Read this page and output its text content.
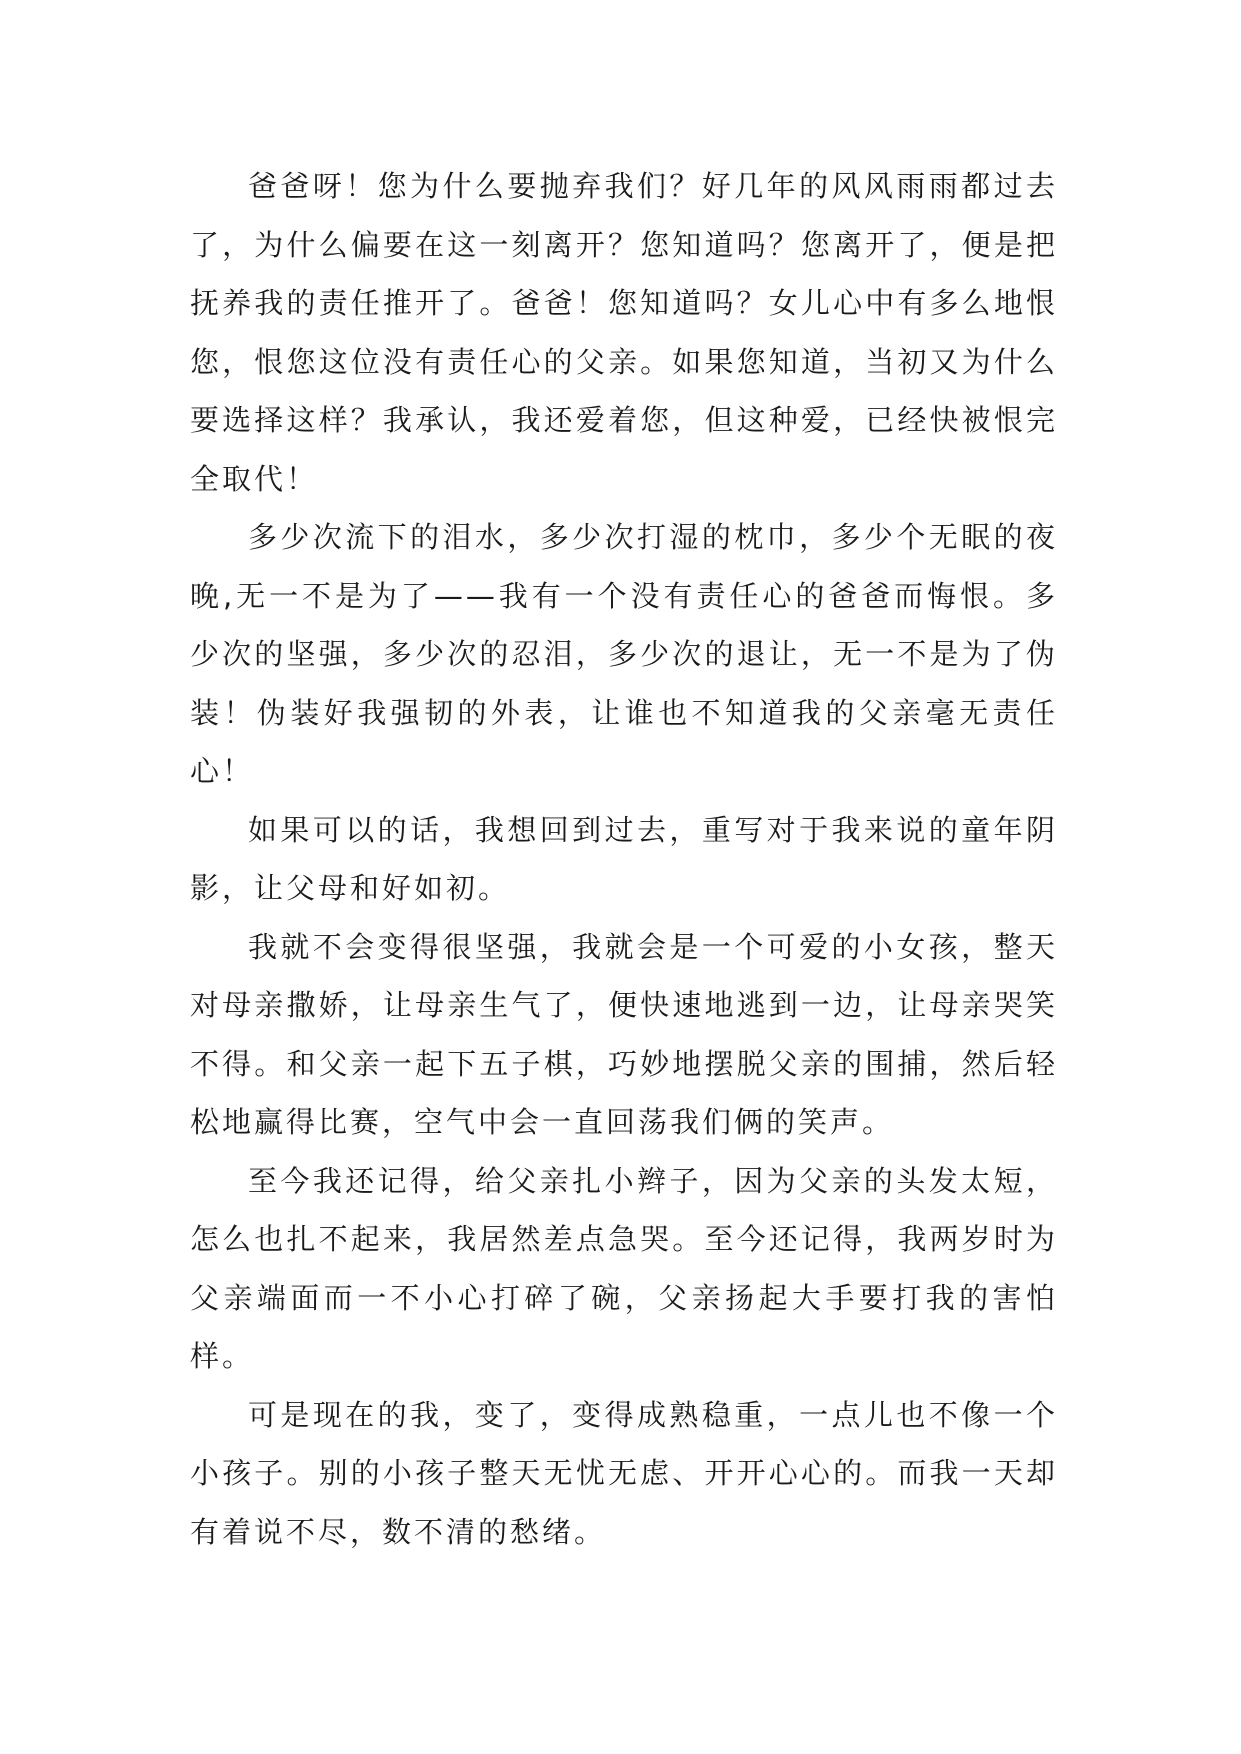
爸爸呀！您为什么要抛弃我们？好几年的风风雨雨都过去了，为什么偏要在这一刻离开？您知道吗？您离开了，便是把抚养我的责任推开了。爸爸！您知道吗？女儿心中有多么地恨您，恨您这位没有责任心的父亲。如果您知道，当初又为什么要选择这样？我承认，我还爱着您，但这种爱，已经快被恨完全取代！

多少次流下的泪水，多少次打湿的枕巾，多少个无眠的夜晚,无一不是为了——我有一个没有责任心的爸爸而悔恨。多少次的坚强，多少次的忍泪，多少次的退让，无一不是为了伪装！伪装好我强韧的外表，让谁也不知道我的父亲毫无责任心！

如果可以的话，我想回到过去，重写对于我来说的童年阴影，让父母和好如初。

我就不会变得很坚强，我就会是一个可爱的小女孩，整天对母亲撒娇，让母亲生气了，便快速地逃到一边，让母亲哭笑不得。和父亲一起下五子棋，巧妙地摆脱父亲的围捕，然后轻松地赢得比赛，空气中会一直回荡我们俩的笑声。

至今我还记得，给父亲扎小辫子，因为父亲的头发太短，怎么也扎不起来，我居然差点急哭。至今还记得，我两岁时为父亲端面而一不小心打碎了碗，父亲扬起大手要打我的害怕样。

可是现在的我，变了，变得成熟稳重，一点儿也不像一个小孩子。别的小孩子整天无忧无虑、开开心心的。而我一天却有着说不尽，数不清的愁绪。
